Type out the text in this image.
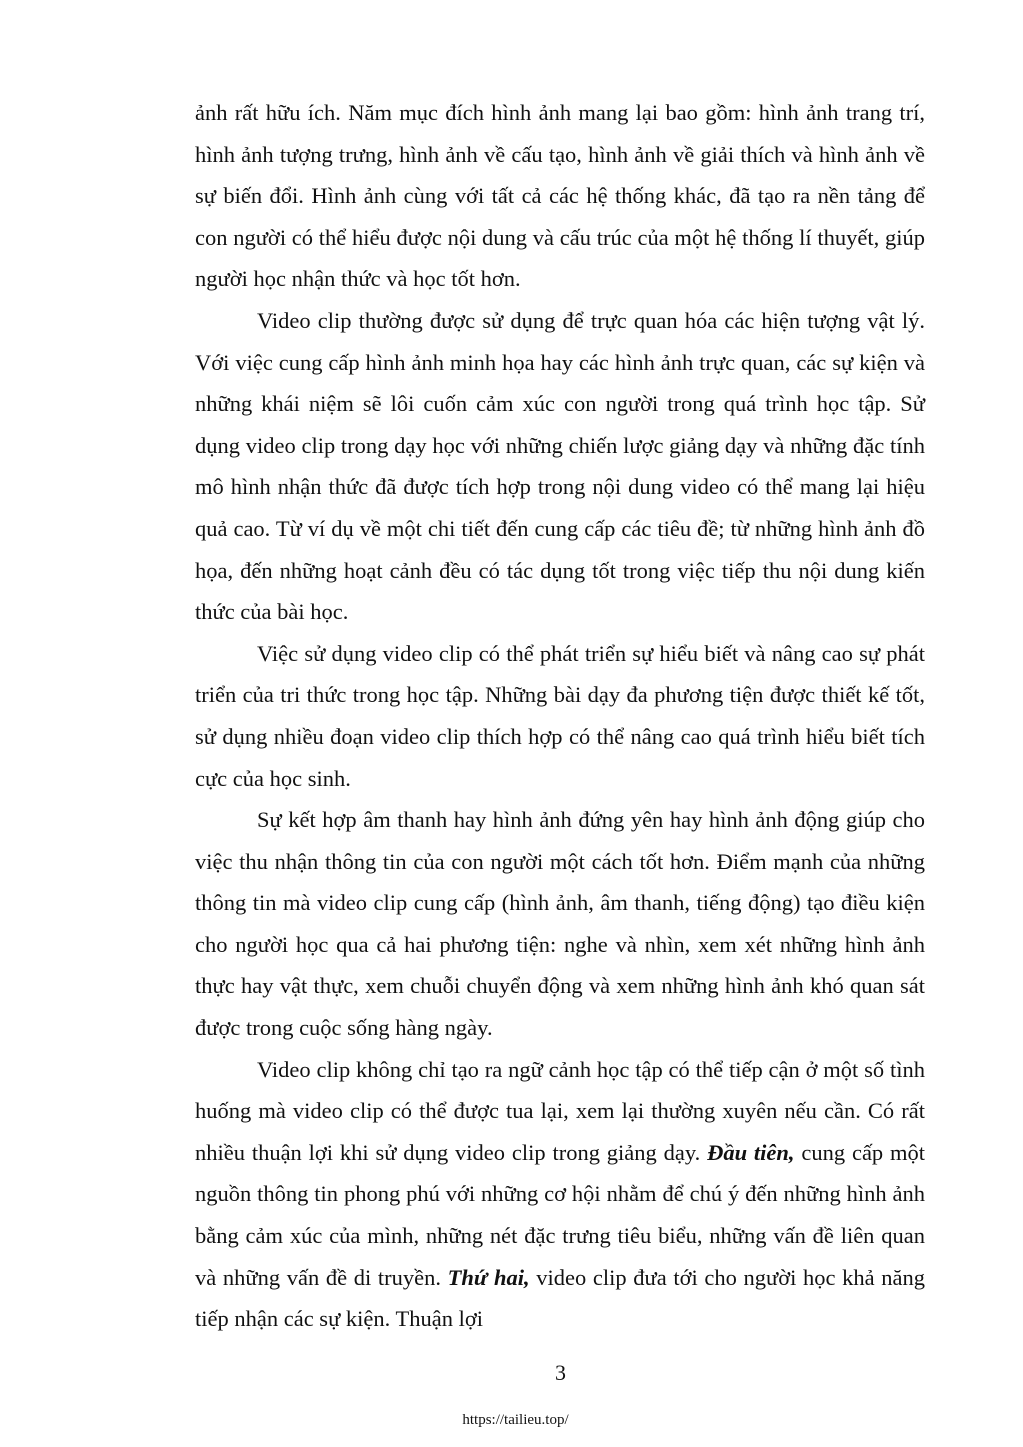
ảnh rất hữu ích. Năm mục đích hình ảnh mang lại bao gồm: hình ảnh trang trí, hình ảnh tượng trưng, hình ảnh về cấu tạo, hình ảnh về giải thích và hình ảnh về sự biến đổi. Hình ảnh cùng với tất cả các hệ thống khác, đã tạo ra nền tảng để con người có thể hiểu được nội dung và cấu trúc của một hệ thống lí thuyết, giúp người học nhận thức và học tốt hơn.

Video clip thường được sử dụng để trực quan hóa các hiện tượng vật lý. Với việc cung cấp hình ảnh minh họa hay các hình ảnh trực quan, các sự kiện và những khái niệm sẽ lôi cuốn cảm xúc con người trong quá trình học tập. Sử dụng video clip trong dạy học với những chiến lược giảng dạy và những đặc tính mô hình nhận thức đã được tích hợp trong nội dung video có thể mang lại hiệu quả cao. Từ ví dụ về một chi tiết đến cung cấp các tiêu đề; từ những hình ảnh đồ họa, đến những hoạt cảnh đều có tác dụng tốt trong việc tiếp thu nội dung kiến thức của bài học.

Việc sử dụng video clip có thể phát triển sự hiểu biết và nâng cao sự phát triển của tri thức trong học tập. Những bài dạy đa phương tiện được thiết kế tốt, sử dụng nhiều đoạn video clip thích hợp có thể nâng cao quá trình hiểu biết tích cực của học sinh.

Sự kết hợp âm thanh hay hình ảnh đứng yên hay hình ảnh động giúp cho việc thu nhận thông tin của con người một cách tốt hơn. Điểm mạnh của những thông tin mà video clip cung cấp (hình ảnh, âm thanh, tiếng động) tạo điều kiện cho người học qua cả hai phương tiện: nghe và nhìn, xem xét những hình ảnh thực hay vật thực, xem chuỗi chuyển động và xem những hình ảnh khó quan sát được trong cuộc sống hàng ngày.

Video clip không chỉ tạo ra ngữ cảnh học tập có thể tiếp cận ở một số tình huống mà video clip có thể được tua lại, xem lại thường xuyên nếu cần. Có rất nhiều thuận lợi khi sử dụng video clip trong giảng dạy. Đầu tiên, cung cấp một nguồn thông tin phong phú với những cơ hội nhằm để chú ý đến những hình ảnh bằng cảm xúc của mình, những nét đặc trưng tiêu biểu, những vấn đề liên quan và những vấn đề di truyền. Thứ hai, video clip đưa tới cho người học khả năng tiếp nhận các sự kiện. Thuận lợi

3
https://tailieu.top/
